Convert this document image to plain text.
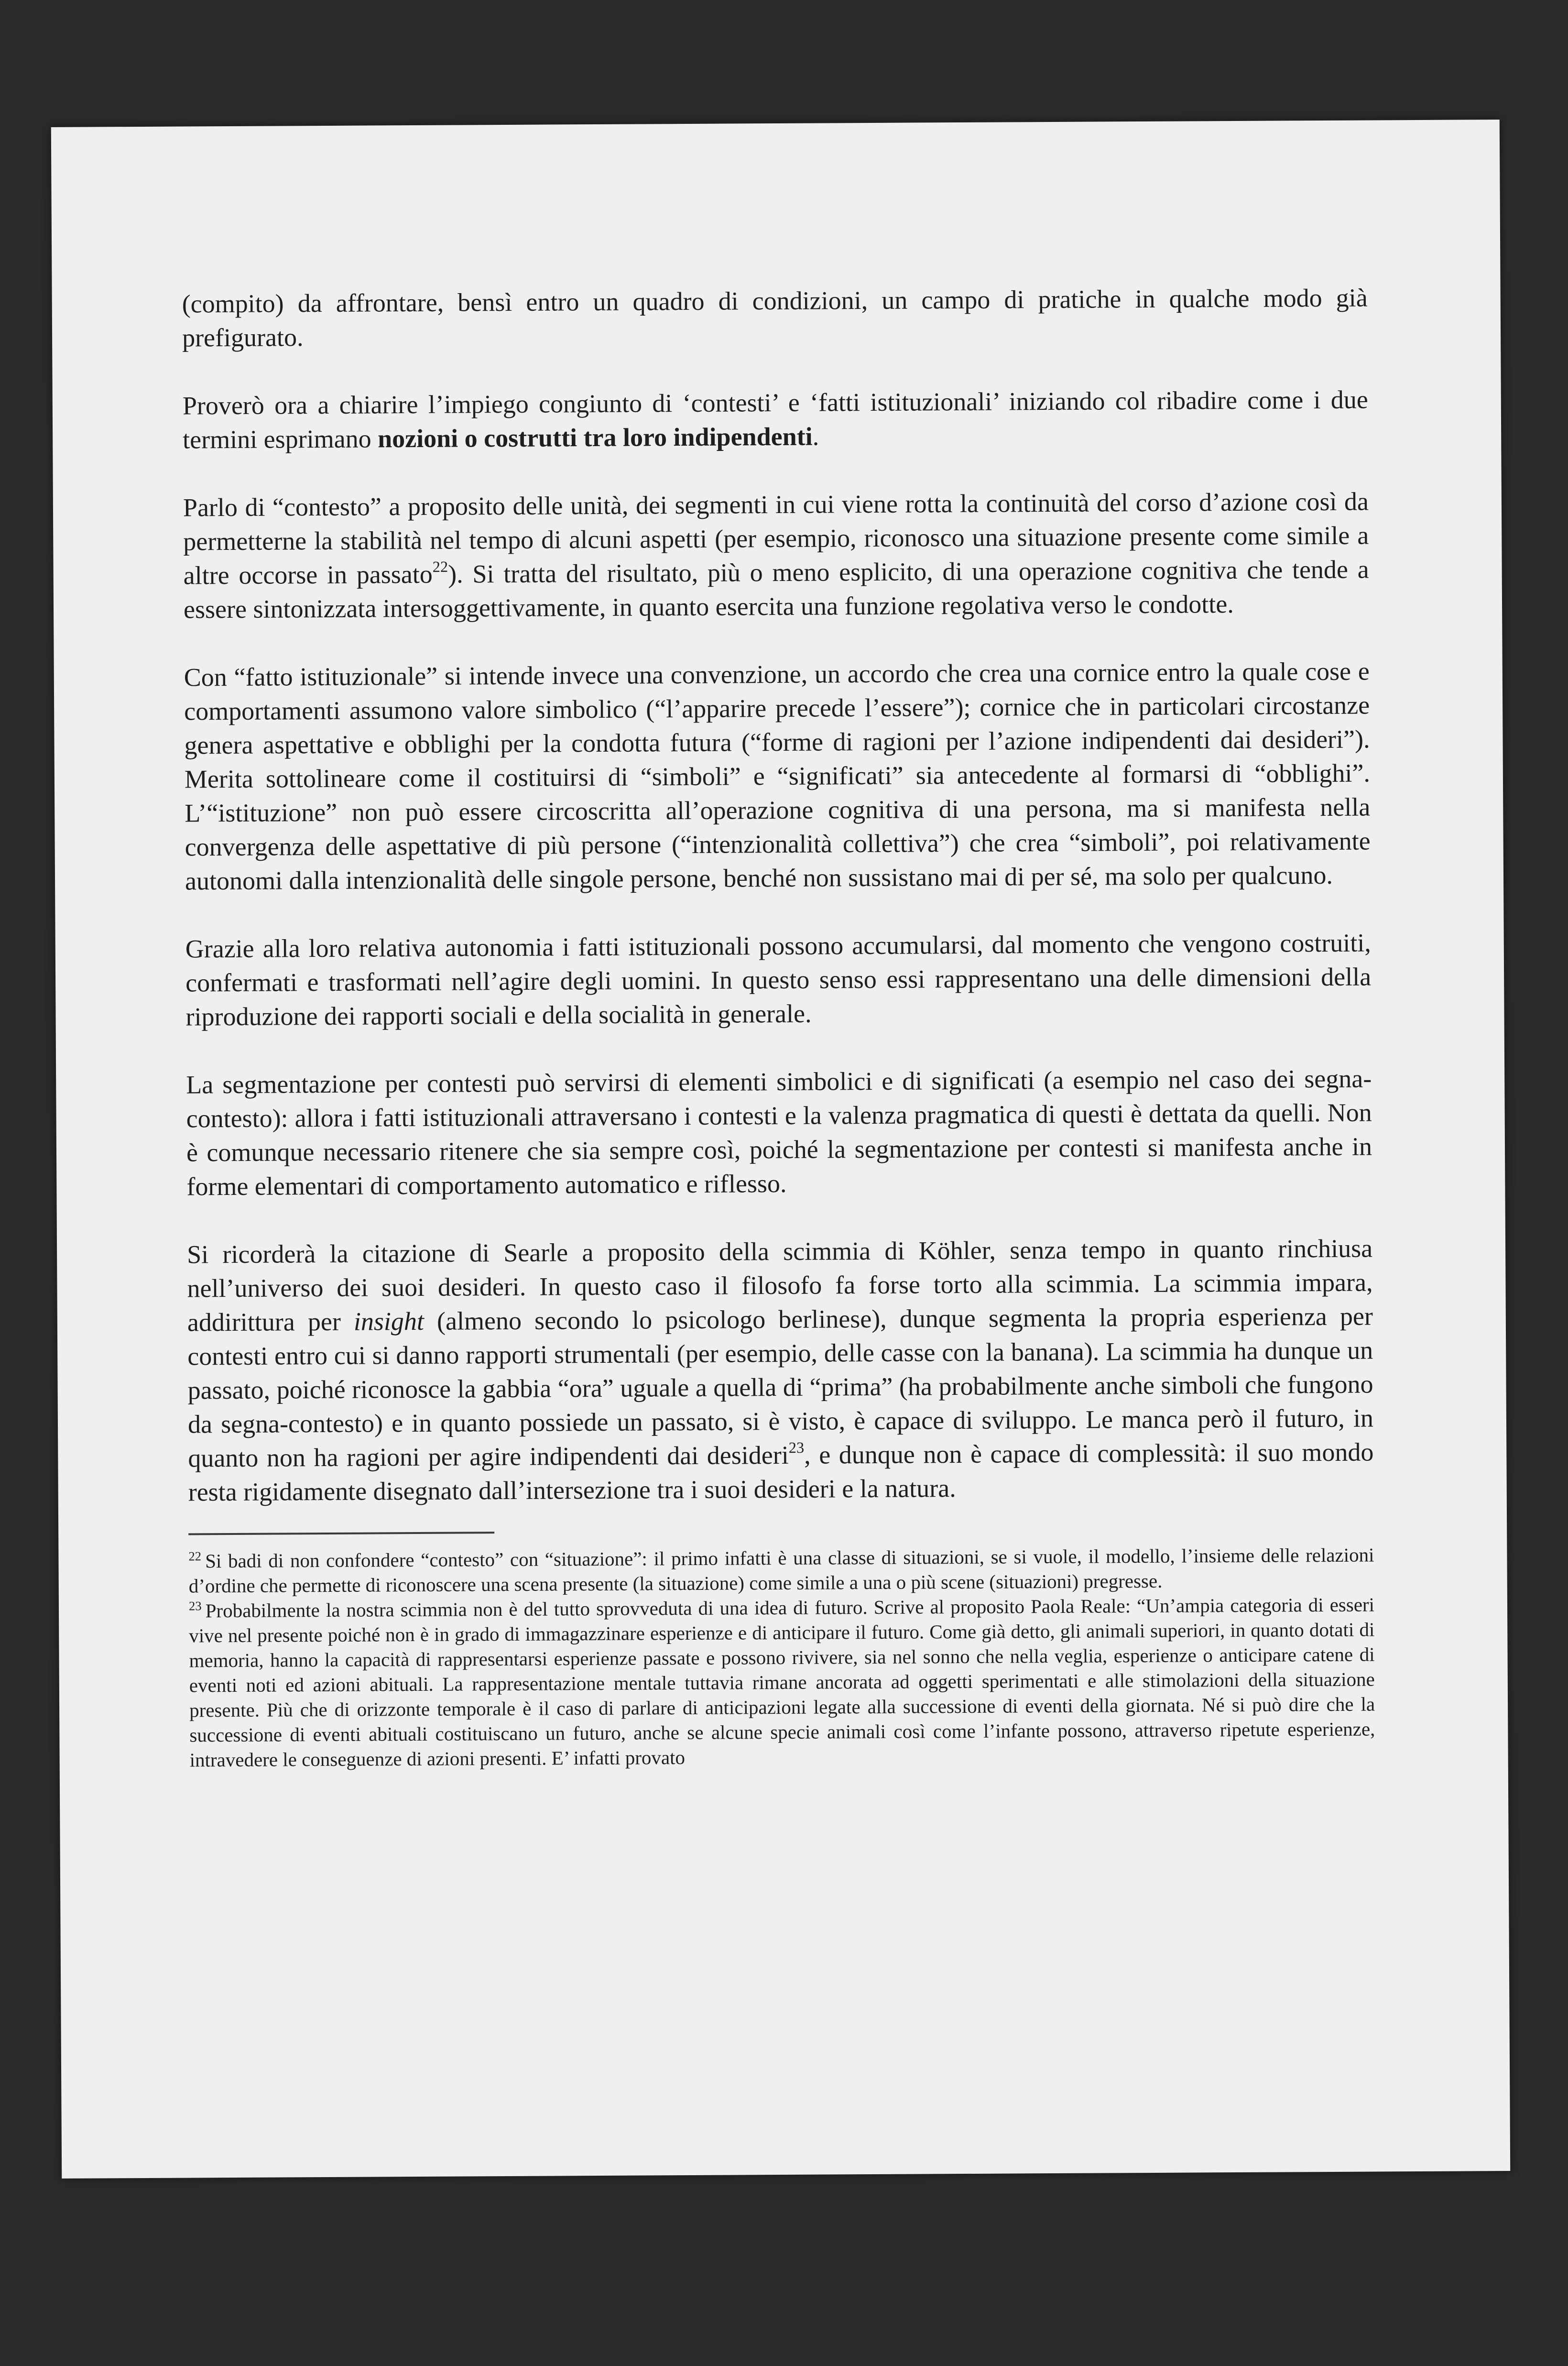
(compito) da affrontare, bensì entro un quadro di condizioni, un campo di pratiche in qualche modo già prefigurato.

Proverò ora a chiarire l’impiego congiunto di ‘contesti’ e ‘fatti istituzionali’ iniziando col ribadire come i due termini esprimano nozioni o costrutti tra loro indipendenti.

Parlo di “contesto” a proposito delle unità, dei segmenti in cui viene rotta la continuità del corso d’azione così da permetterne la stabilità nel tempo di alcuni aspetti (per esempio, riconosco una situazione presente come simile a altre occorse in passato$^{22}$). Si tratta del risultato, più o meno esplicito, di una operazione cognitiva che tende a essere sintonizzata intersoggettivamente, in quanto esercita una funzione regolativa verso le condotte.

Con “fatto istituzionale” si intende invece una convenzione, un accordo che crea una cornice entro la quale cose e comportamenti assumono valore simbolico (“l’apparire precede l’essere”); cornice che in particolari circostanze genera aspettative e obblighi per la condotta futura (“forme di ragioni per l’azione indipendenti dai desideri”). Merita sottolineare come il costituirsi di “simboli” e “significati” sia antecedente al formarsi di “obblighi”. L’“istituzione” non può essere circoscritta all’operazione cognitiva di una persona, ma si manifesta nella convergenza delle aspettative di più persone (“intenzionalità collettiva”) che crea “simboli”, poi relativamente autonomi dalla intenzionalità delle singole persone, benché non sussistano mai di per sé, ma solo per qualcuno.

Grazie alla loro relativa autonomia i fatti istituzionali possono accumularsi, dal momento che vengono costruiti, confermati e trasformati nell’agire degli uomini. In questo senso essi rappresentano una delle dimensioni della riproduzione dei rapporti sociali e della socialità in generale.

La segmentazione per contesti può servirsi di elementi simbolici e di significati (a esempio nel caso dei segna-contesto): allora i fatti istituzionali attraversano i contesti e la valenza pragmatica di questi è dettata da quelli. Non è comunque necessario ritenere che sia sempre così, poiché la segmentazione per contesti si manifesta anche in forme elementari di comportamento automatico e riflesso.

Si ricorderà la citazione di Searle a proposito della scimmia di Köhler, senza tempo in quanto rinchiusa nell’universo dei suoi desideri. In questo caso il filosofo fa forse torto alla scimmia. La scimmia impara, addirittura per insight (almeno secondo lo psicologo berlinese), dunque segmenta la propria esperienza per contesti entro cui si danno rapporti strumentali (per esempio, delle casse con la banana). La scimmia ha dunque un passato, poiché riconosce la gabbia “ora” uguale a quella di “prima” (ha probabilmente anche simboli che fungono da segna-contesto) e in quanto possiede un passato, si è visto, è capace di sviluppo. Le manca però il futuro, in quanto non ha ragioni per agire indipendenti dai desideri$^{23}$, e dunque non è capace di complessità: il suo mondo resta rigidamente disegnato dall’intersezione tra i suoi desideri e la natura.

$^{22}$ Si badi di non confondere “contesto” con “situazione”: il primo infatti è una classe di situazioni, se si vuole, il modello, l’insieme delle relazioni d’ordine che permette di riconoscere una scena presente (la situazione) come simile a una o più scene (situazioni) pregresse.

$^{23}$ Probabilmente la nostra scimmia non è del tutto sprovveduta di una idea di futuro. Scrive al proposito Paola Reale: “Un’ampia categoria di esseri vive nel presente poiché non è in grado di immagazzinare esperienze e di anticipare il futuro. Come già detto, gli animali superiori, in quanto dotati di memoria, hanno la capacità di rappresentarsi esperienze passate e possono rivivere, sia nel sonno che nella veglia, esperienze o anticipare catene di eventi noti ed azioni abituali. La rappresentazione mentale tuttavia rimane ancorata ad oggetti sperimentati e alle stimolazioni della situazione presente. Più che di orizzonte temporale è il caso di parlare di anticipazioni legate alla successione di eventi della giornata. Né si può dire che la successione di eventi abituali costituiscano un futuro, anche se alcune specie animali così come l’infante possono, attraverso ripetute esperienze, intravedere le conseguenze di azioni presenti. E’ infatti provato
